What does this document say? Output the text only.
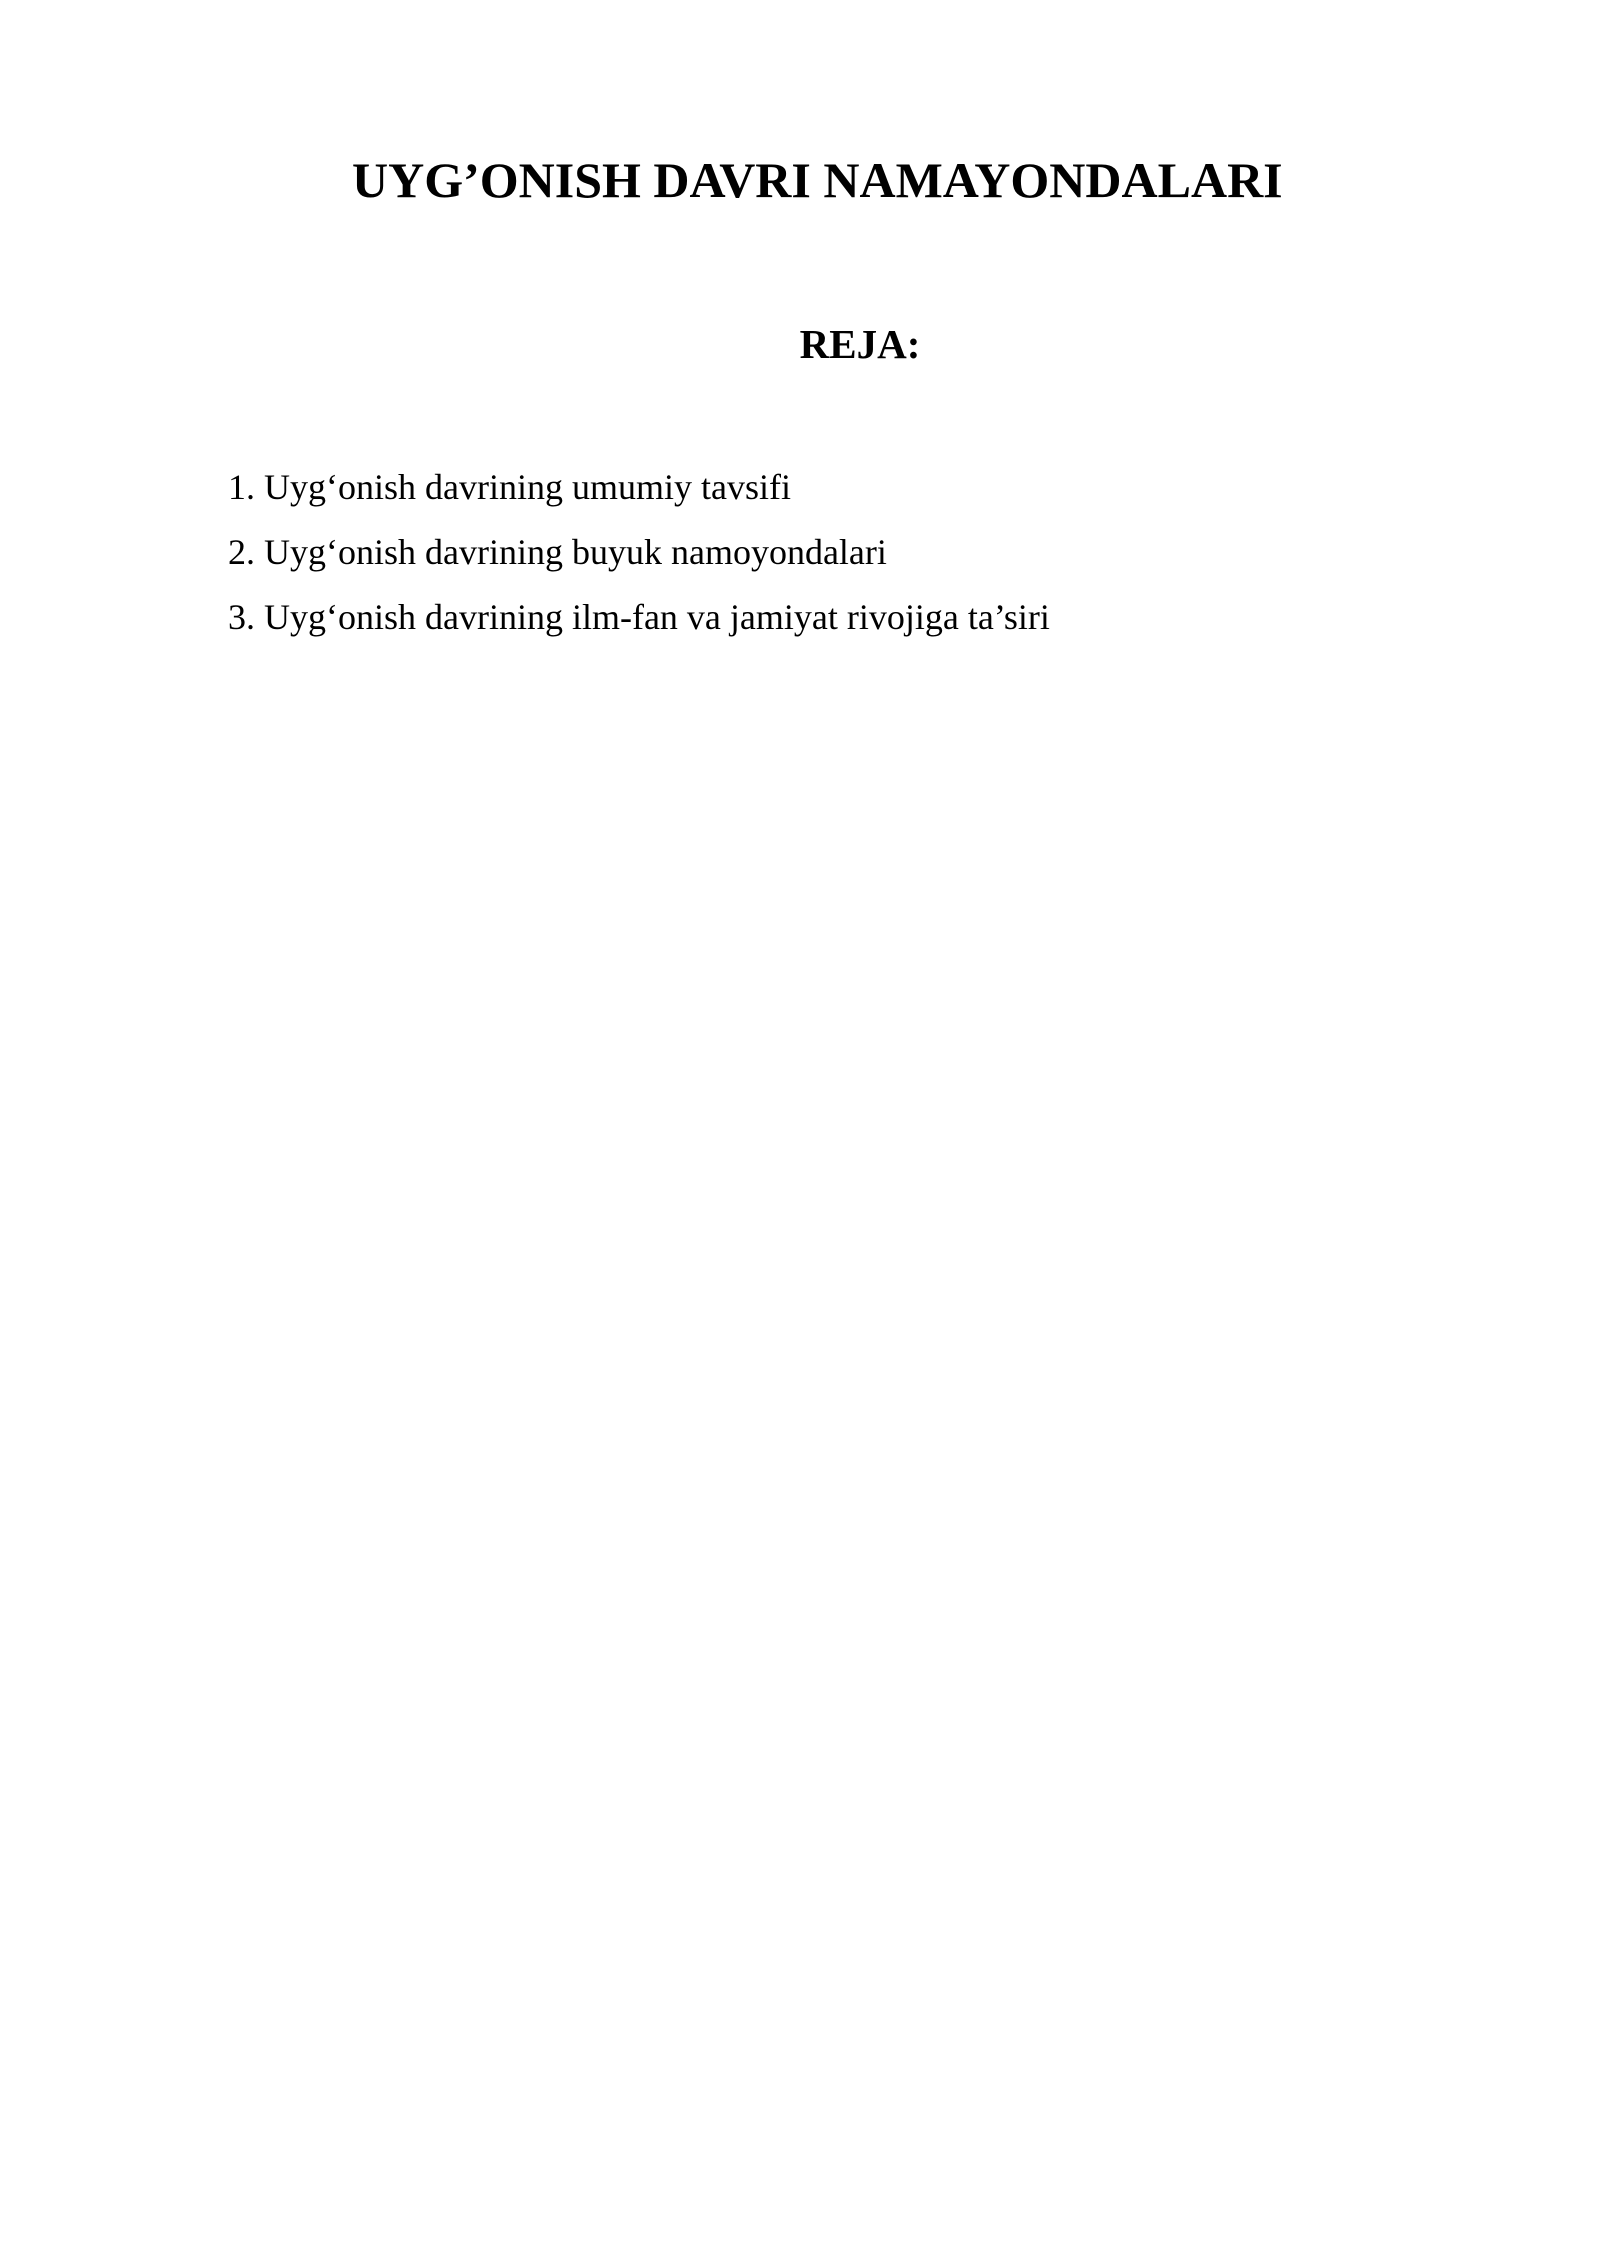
UYG’ONISH DAVRI NAMAYONDALARI
REJA:
1. Uyg‘onish davrining umumiy tavsifi
2. Uyg‘onish davrining buyuk namoyondalari
3. Uyg‘onish davrining ilm-fan va jamiyat rivojiga ta’siri
